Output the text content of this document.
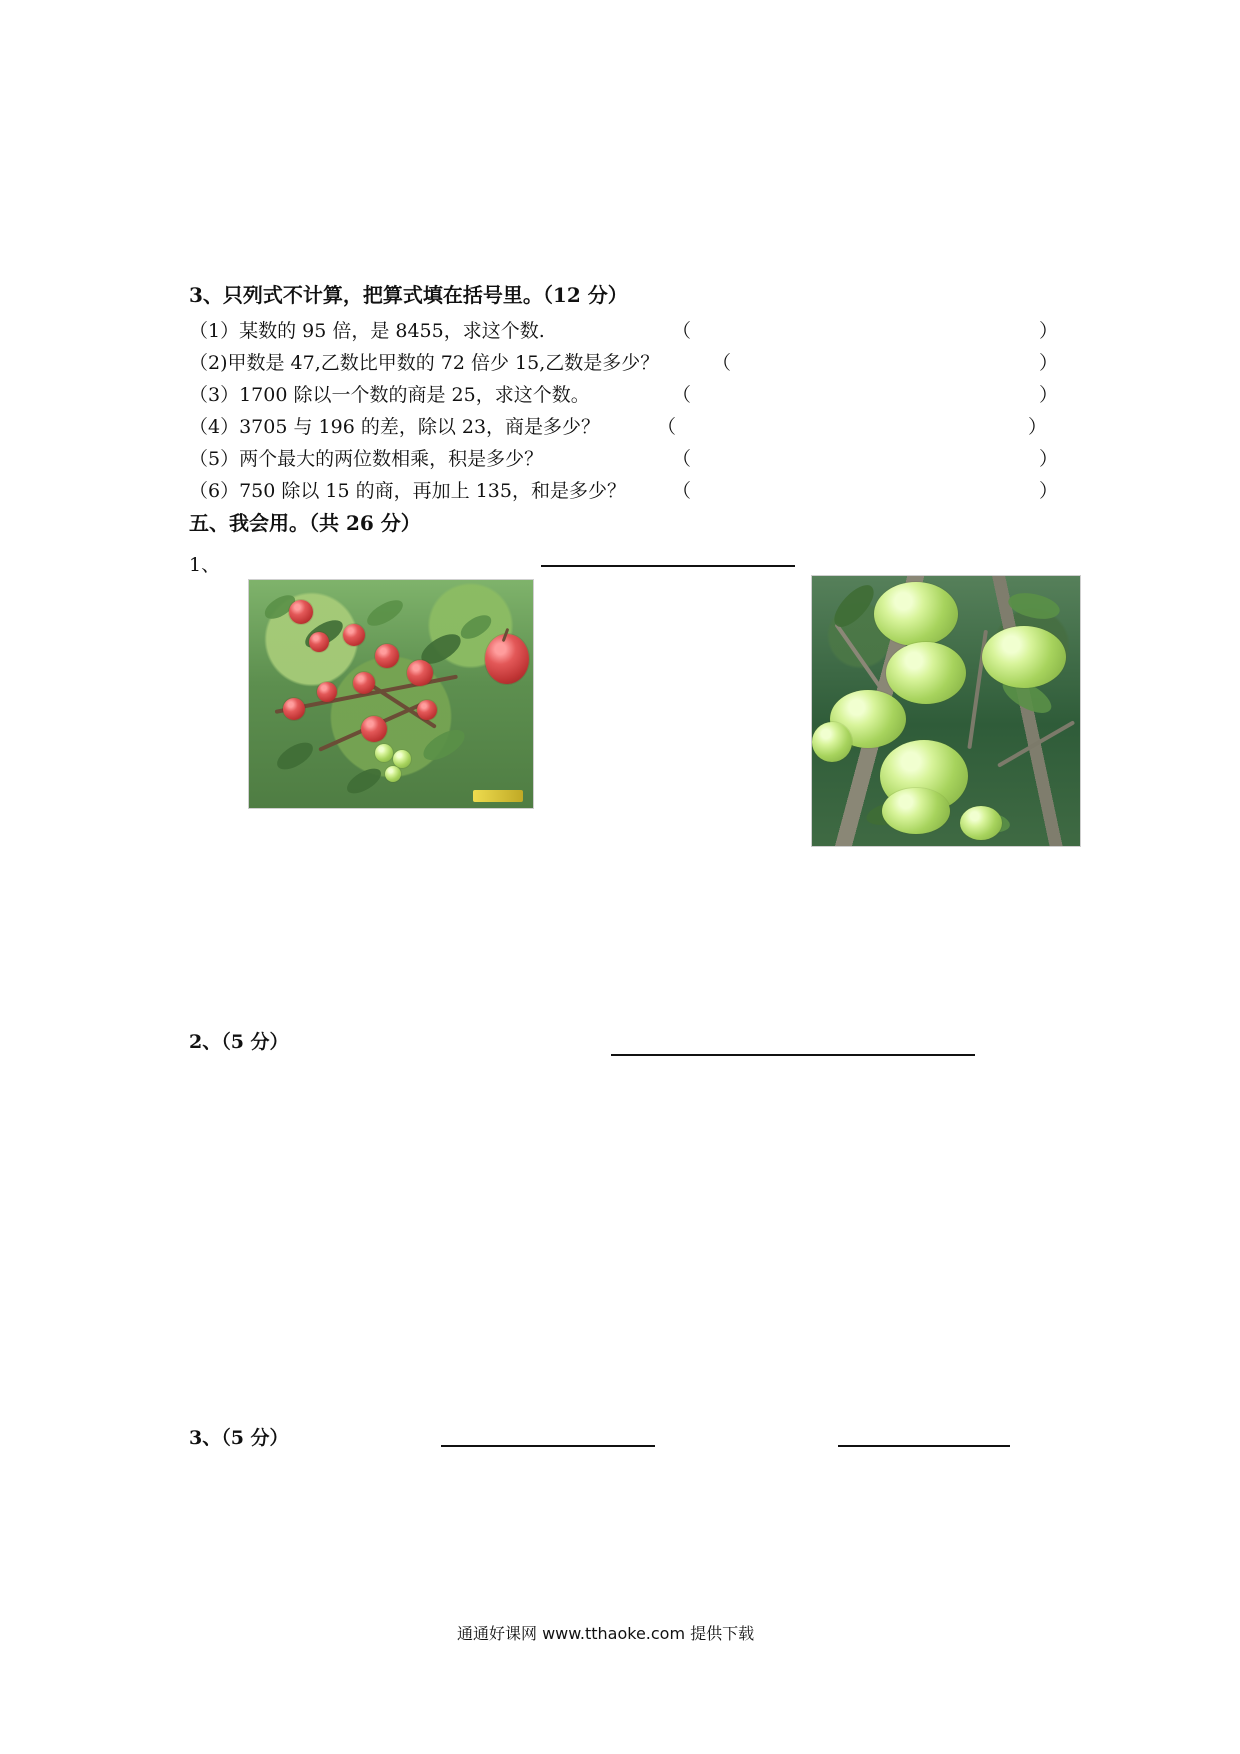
3、只列式不计算，把算式填在括号里。（12 分）
（1）某数的 95 倍，是 8455，求这个数.	（	）
（2)甲数是 47,乙数比甲数的 72 倍少 15,乙数是多少？	（	）
（3）1700 除以一个数的商是 25，求这个数。	（	）
（4）3705 与 196 的差，除以 23，商是多少？	（	）
（5）两个最大的两位数相乘，积是多少？	（	）
（6）750 除以 15 的商，再加上 135，和是多少？ （	）
五、我会用。（共 26 分）
1、
2、（5 分）
3、（5 分）
通通好课网 www.tthaoke.com 提供下载
